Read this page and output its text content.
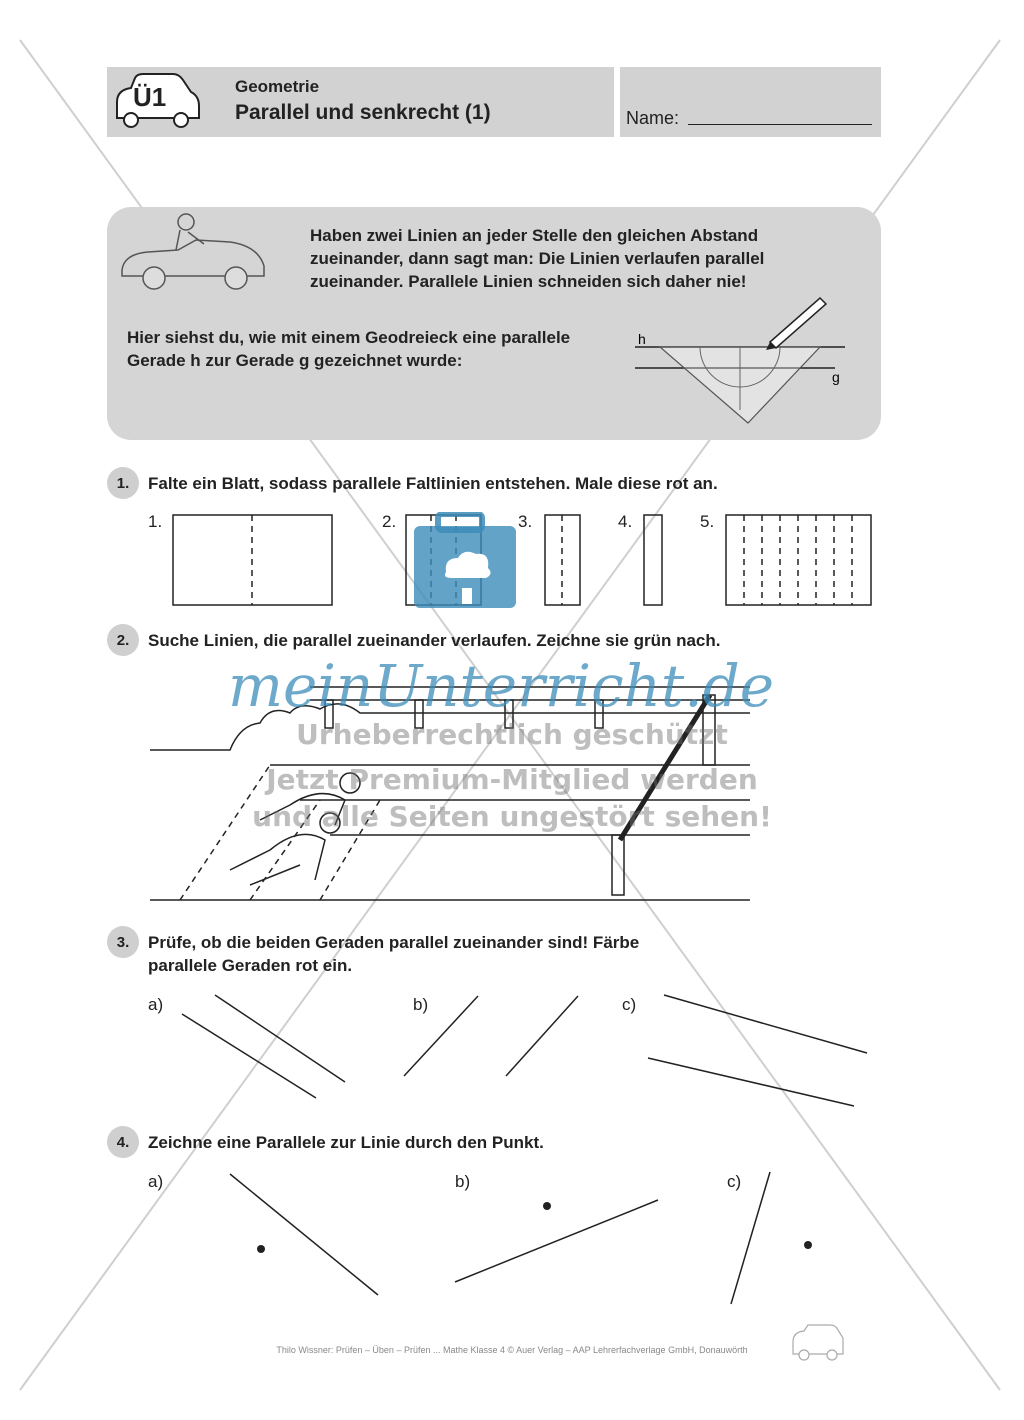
Ü1	Geometrie
Parallel und senkrecht (1)	Name:
Haben zwei Linien an jeder Stelle den gleichen Abstand zueinander, dann sagt man: Die Linien verlaufen parallel zueinander. Parallele Linien schneiden sich daher nie!
Hier siehst du, wie mit einem Geodreieck eine parallele Gerade h zur Gerade g gezeichnet wurde:
h
g
1.	Falte ein Blatt, sodass parallele Faltlinien entstehen. Male diese rot an.
1.	2.	3.	4.	5.
2.	Suche Linien, die parallel zueinander verlaufen. Zeichne sie grün nach.
meinUnterricht.de
Urheberrechtlich geschützt
Jetzt Premium-Mitglied werden
und alle Seiten ungestört sehen!
3.	Prüfe, ob die beiden Geraden parallel zueinander sind! Färbe parallele Geraden rot ein.
a)	b)	c)
4.	Zeichne eine Parallele zur Linie durch den Punkt.
a)	b)	c)
Thilo Wissner: Prüfen – Üben – Prüfen ... Mathe Klasse 4 © Auer Verlag – AAP Lehrerfachverlage GmbH, Donauwörth
